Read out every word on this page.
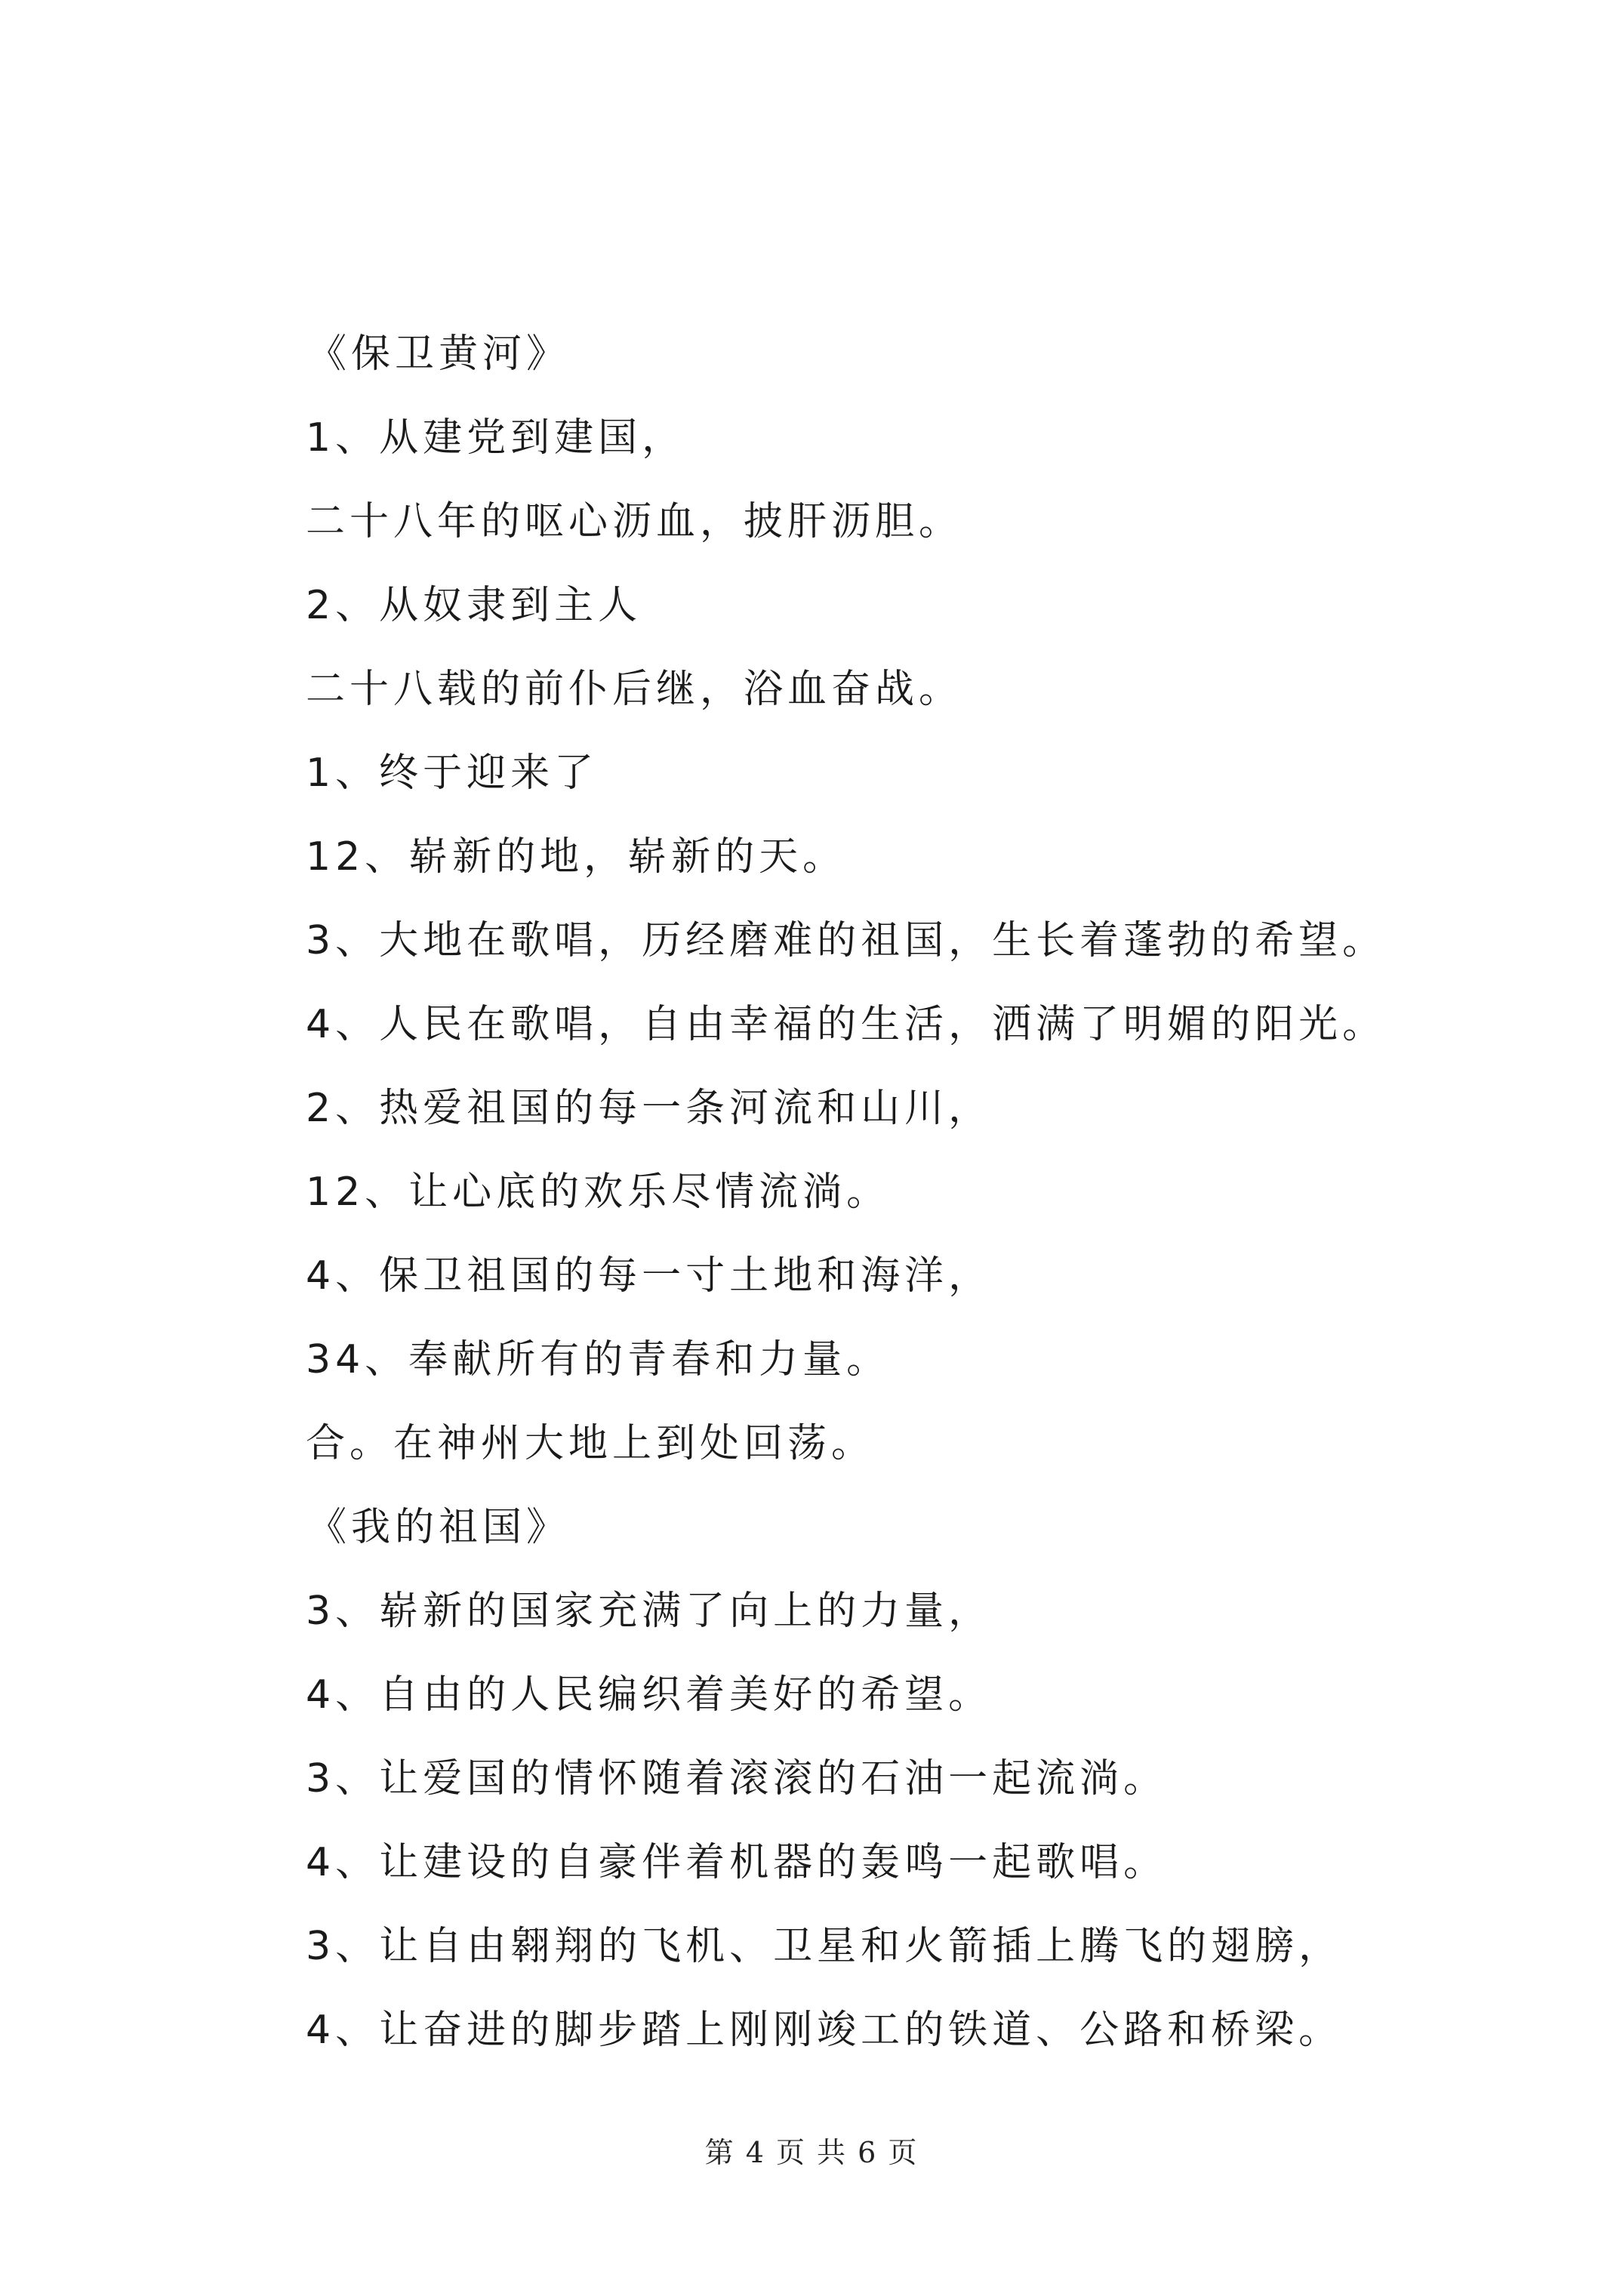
《保卫黄河》
1、从建党到建国，
二十八年的呕心沥血，披肝沥胆。
2、从奴隶到主人
二十八载的前仆后继，浴血奋战。
1、终于迎来了
12、崭新的地，崭新的天。
3、大地在歌唱，历经磨难的祖国，生长着蓬勃的希望。
4、人民在歌唱，自由幸福的生活，洒满了明媚的阳光。
2、热爱祖国的每一条河流和山川，
12、让心底的欢乐尽情流淌。
4、保卫祖国的每一寸土地和海洋，
34、奉献所有的青春和力量。
合。在神州大地上到处回荡。
《我的祖国》
3、崭新的国家充满了向上的力量，
4、自由的人民编织着美好的希望。
3、让爱国的情怀随着滚滚的石油一起流淌。
4、让建设的自豪伴着机器的轰鸣一起歌唱。
3、让自由翱翔的飞机、卫星和火箭插上腾飞的翅膀，
4、让奋进的脚步踏上刚刚竣工的铁道、公路和桥梁。
第 4 页 共 6 页
